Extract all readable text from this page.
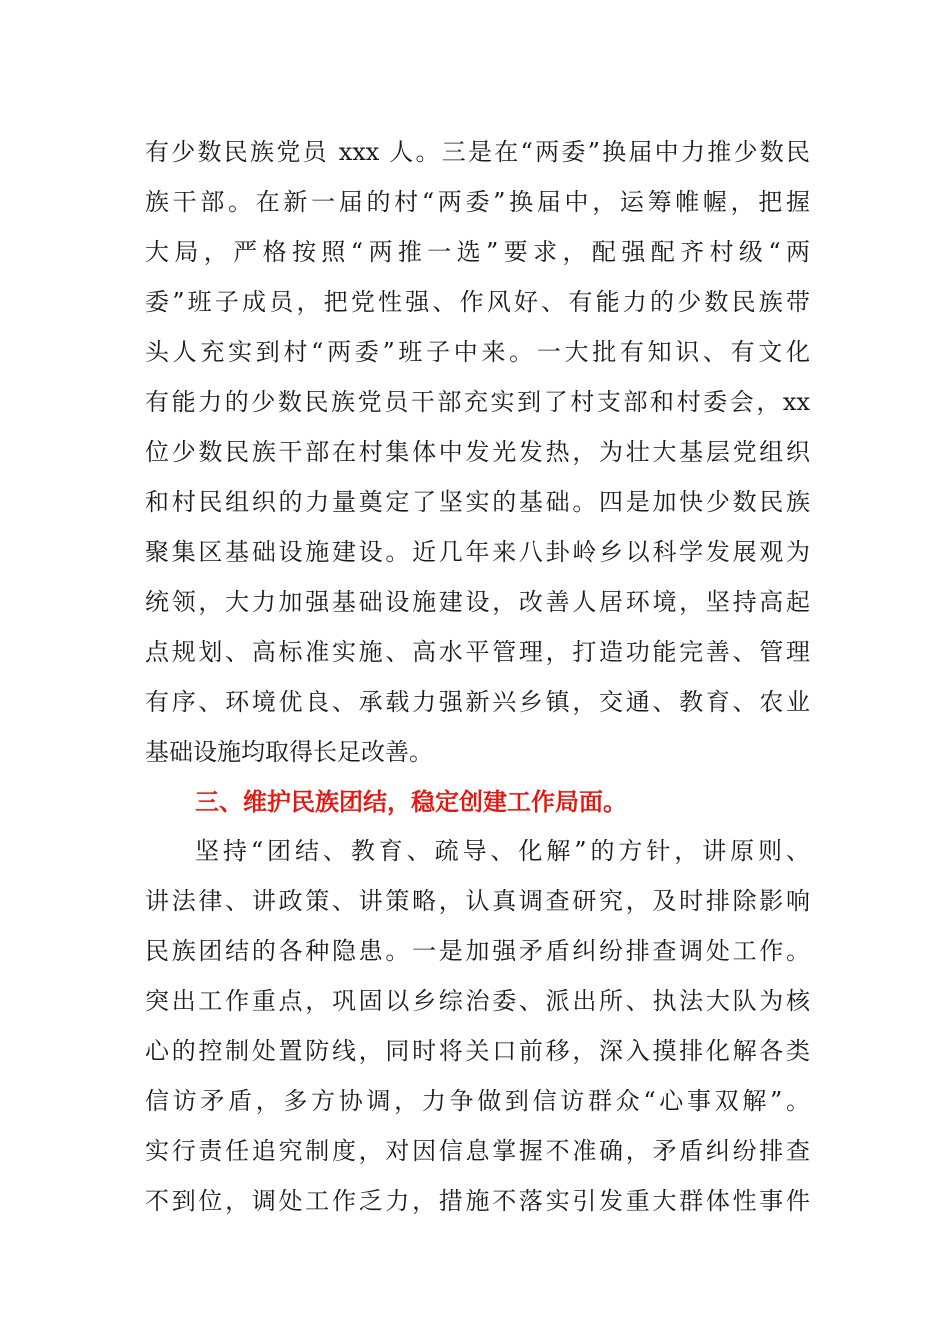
有少数民族党员 xxx 人。三是在“两委”换届中力推少数民
族干部。在新一届的村“两委”换届中，运筹帷幄，把握
大局，严格按照“两推一选”要求，配强配齐村级“两
委”班子成员，把党性强、作风好、有能力的少数民族带
头人充实到村“两委”班子中来。一大批有知识、有文化
有能力的少数民族党员干部充实到了村支部和村委会，xx
位少数民族干部在村集体中发光发热，为壮大基层党组织
和村民组织的力量奠定了坚实的基础。四是加快少数民族
聚集区基础设施建设。近几年来八卦岭乡以科学发展观为
统领，大力加强基础设施建设，改善人居环境，坚持高起
点规划、高标准实施、高水平管理，打造功能完善、管理
有序、环境优良、承载力强新兴乡镇，交通、教育、农业
基础设施均取得长足改善。
三、维护民族团结，稳定创建工作局面。
坚持“团结、教育、疏导、化解”的方针，讲原则、
讲法律、讲政策、讲策略，认真调查研究，及时排除影响
民族团结的各种隐患。一是加强矛盾纠纷排查调处工作。
突出工作重点，巩固以乡综治委、派出所、执法大队为核
心的控制处置防线，同时将关口前移，深入摸排化解各类
信访矛盾，多方协调，力争做到信访群众“心事双解”。
实行责任追究制度，对因信息掌握不准确，矛盾纠纷排查
不到位，调处工作乏力，措施不落实引发重大群体性事件
